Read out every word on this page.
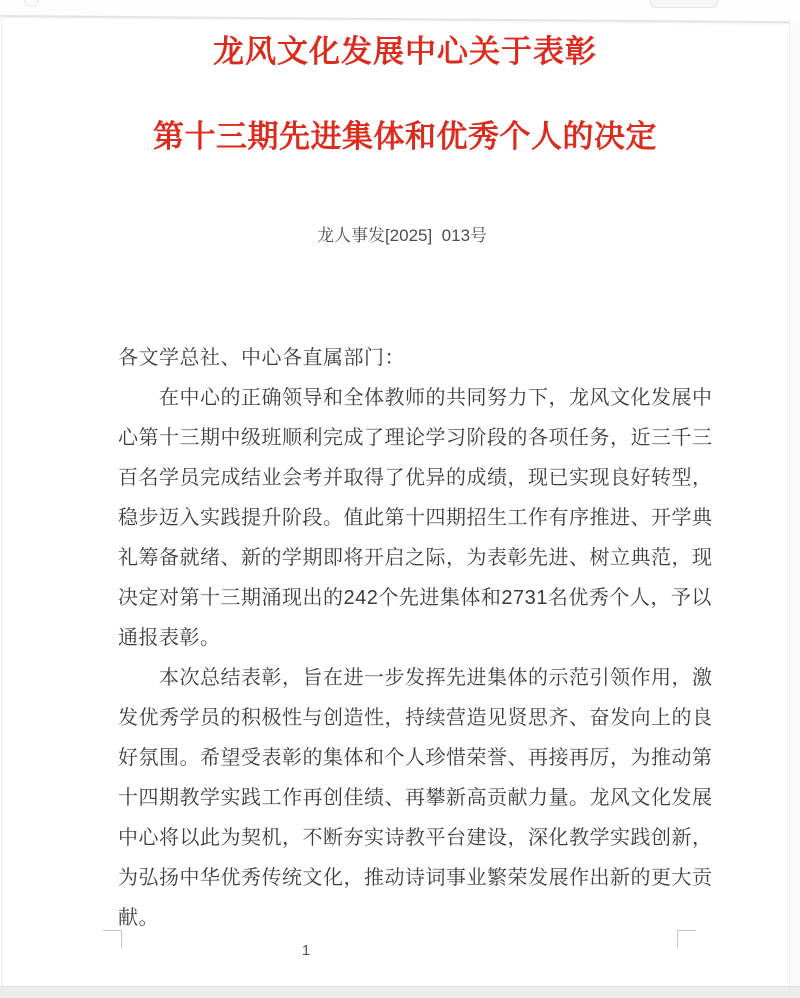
龙风文化发展中心关于表彰
第十三期先进集体和优秀个人的决定
龙人事发[2025]  013号
各文学总社、中心各直属部门：
在中心的正确领导和全体教师的共同努力下，龙风文化发展中
心第十三期中级班顺利完成了理论学习阶段的各项任务，近三千三
百名学员完成结业会考并取得了优异的成绩，现已实现良好转型，
稳步迈入实践提升阶段。值此第十四期招生工作有序推进、开学典
礼筹备就绪、新的学期即将开启之际，为表彰先进、树立典范，现
决定对第十三期涌现出的242个先进集体和2731名优秀个人，予以
通报表彰。
本次总结表彰，旨在进一步发挥先进集体的示范引领作用，激
发优秀学员的积极性与创造性，持续营造见贤思齐、奋发向上的良
好氛围。希望受表彰的集体和个人珍惜荣誉、再接再厉，为推动第
十四期教学实践工作再创佳绩、再攀新高贡献力量。龙风文化发展
中心将以此为契机，不断夯实诗教平台建设，深化教学实践创新，
为弘扬中华优秀传统文化，推动诗词事业繁荣发展作出新的更大贡
献。
1
